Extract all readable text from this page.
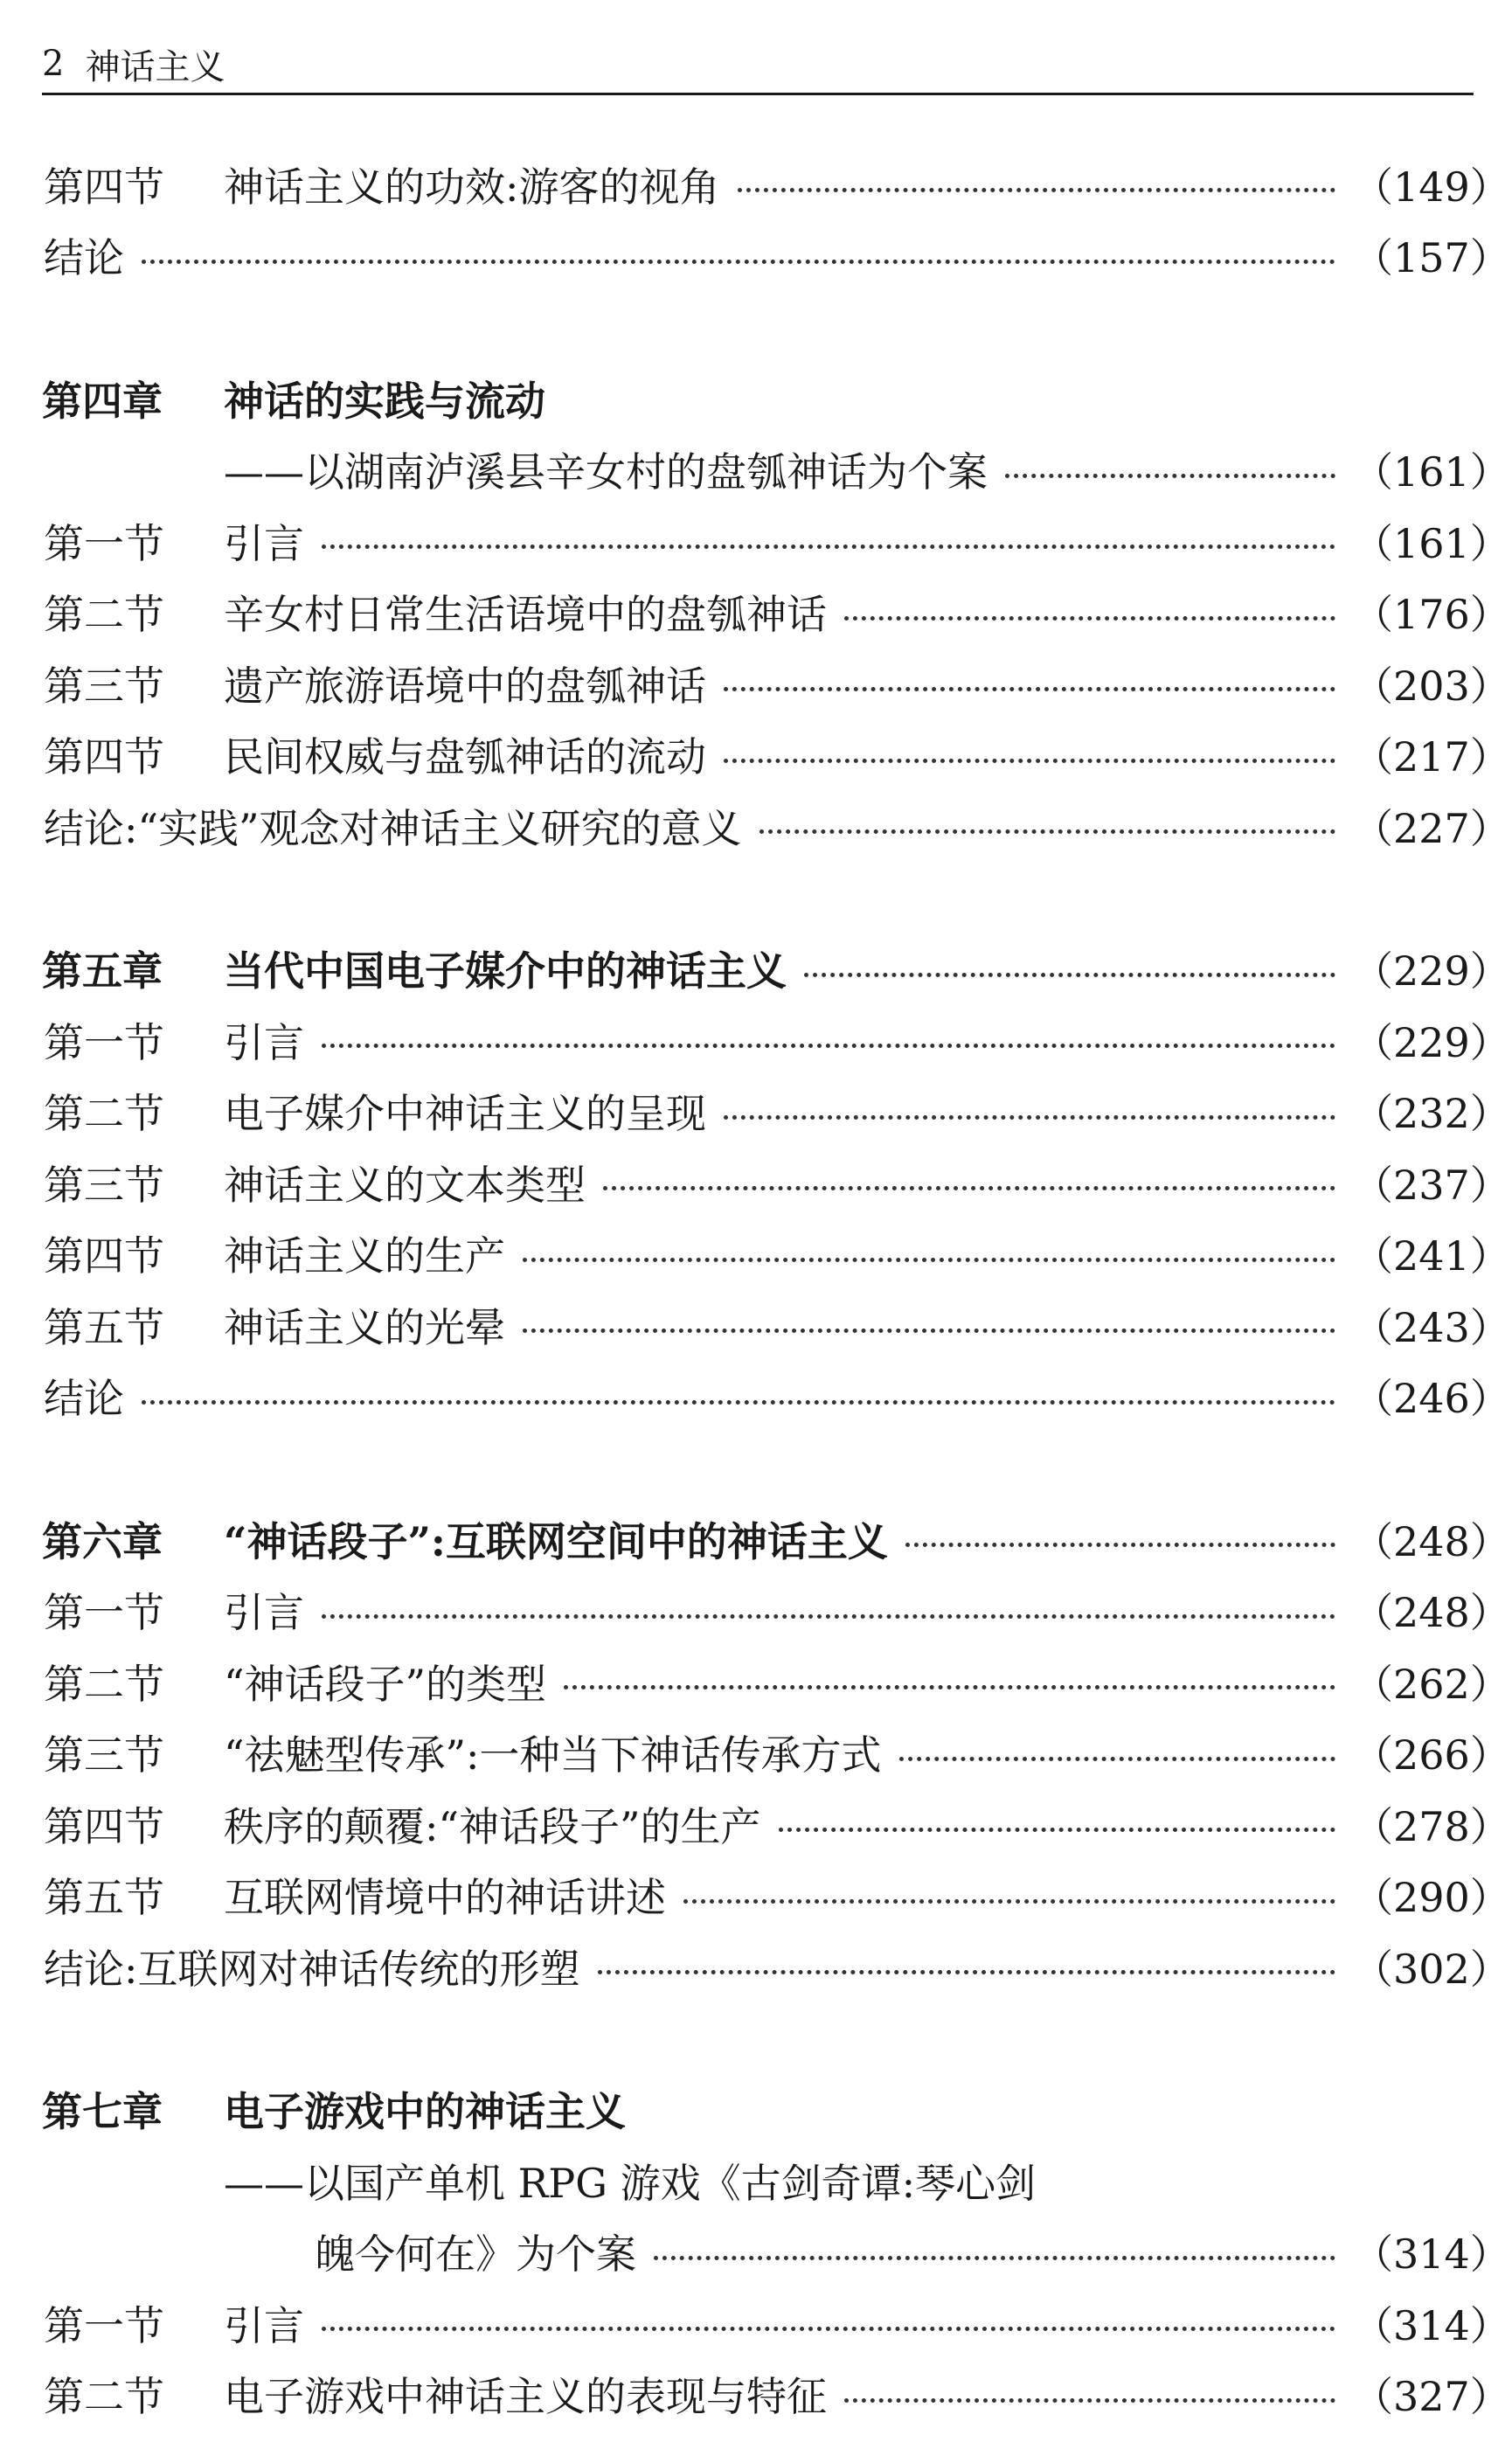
2 神话主义
第四节	神话主义的功效:游客的视角	（149）
结论	（157）
第四章	神话的实践与流动
——以湖南泸溪县辛女村的盘瓠神话为个案	（161）
第一节	引言	（161）
第二节	辛女村日常生活语境中的盘瓠神话	（176）
第三节	遗产旅游语境中的盘瓠神话	（203）
第四节	民间权威与盘瓠神话的流动	（217）
结论:“实践”观念对神话主义研究的意义	（227）
第五章	当代中国电子媒介中的神话主义	（229）
第一节	引言	（229）
第二节	电子媒介中神话主义的呈现	（232）
第三节	神话主义的文本类型	（237）
第四节	神话主义的生产	（241）
第五节	神话主义的光晕	（243）
结论	（246）
第六章	“神话段子”:互联网空间中的神话主义	（248）
第一节	引言	（248）
第二节	“神话段子”的类型	（262）
第三节	“祛魅型传承”:一种当下神话传承方式	（266）
第四节	秩序的颠覆:“神话段子”的生产	（278）
第五节	互联网情境中的神话讲述	（290）
结论:互联网对神话传统的形塑	（302）
第七章	电子游戏中的神话主义
——以国产单机 RPG 游戏《古剑奇谭:琴心剑
魄今何在》为个案	（314）
第一节	引言	（314）
第二节	电子游戏中神话主义的表现与特征	（327）
